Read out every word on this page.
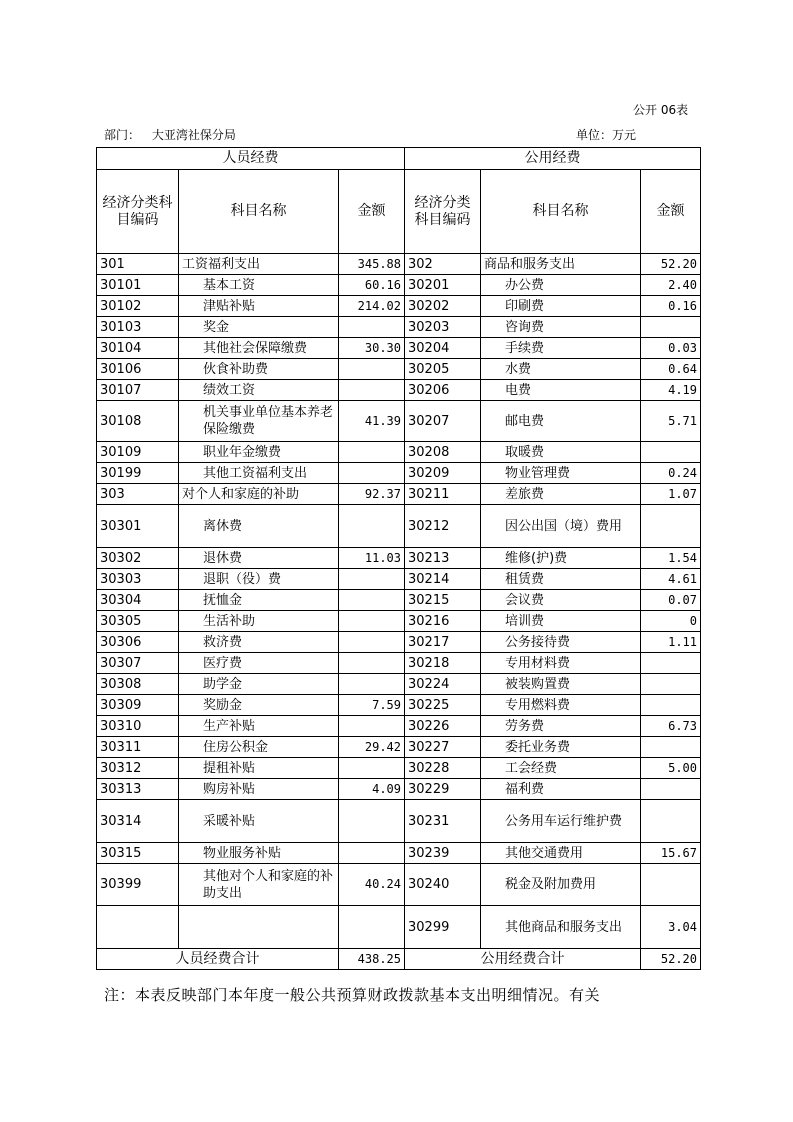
公开 06表
部门： 大亚湾社保分局	单位：万元
人员经费			公用经费		
经济分类科目编码	科目名称	金额	经济分类科目编码	科目名称	金额
301	工资福利支出	345.88	302	商品和服务支出	52.20
30101	基本工资	60.16	30201	办公费	2.40
30102	津贴补贴	214.02	30202	印刷费	0.16
30103	奖金		30203	咨询费	
30104	其他社会保障缴费	30.30	30204	手续费	0.03
30106	伙食补助费		30205	水费	0.64
30107	绩效工资		30206	电费	4.19
30108	机关事业单位基本养老保险缴费	41.39	30207	邮电费	5.71
30109	职业年金缴费		30208	取暖费	
30199	其他工资福利支出		30209	物业管理费	0.24
303	对个人和家庭的补助	92.37	30211	差旅费	1.07
30301	离休费		30212	因公出国（境）费用	
30302	退休费	11.03	30213	维修(护)费	1.54
30303	退职（役）费		30214	租赁费	4.61
30304	抚恤金		30215	会议费	0.07
30305	生活补助		30216	培训费	0
30306	救济费		30217	公务接待费	1.11
30307	医疗费		30218	专用材料费	
30308	助学金		30224	被装购置费	
30309	奖励金	7.59	30225	专用燃料费	
30310	生产补贴		30226	劳务费	6.73
30311	住房公积金	29.42	30227	委托业务费	
30312	提租补贴		30228	工会经费	5.00
30313	购房补贴	4.09	30229	福利费	
30314	采暖补贴		30231	公务用车运行维护费	
30315	物业服务补贴		30239	其他交通费用	15.67
30399	其他对个人和家庭的补助支出	40.24	30240	税金及附加费用	
			30299	其他商品和服务支出	3.04
人员经费合计		438.25	公用经费合计		52.20
注：本表反映部门本年度一般公共预算财政拨款基本支出明细情况。有关
